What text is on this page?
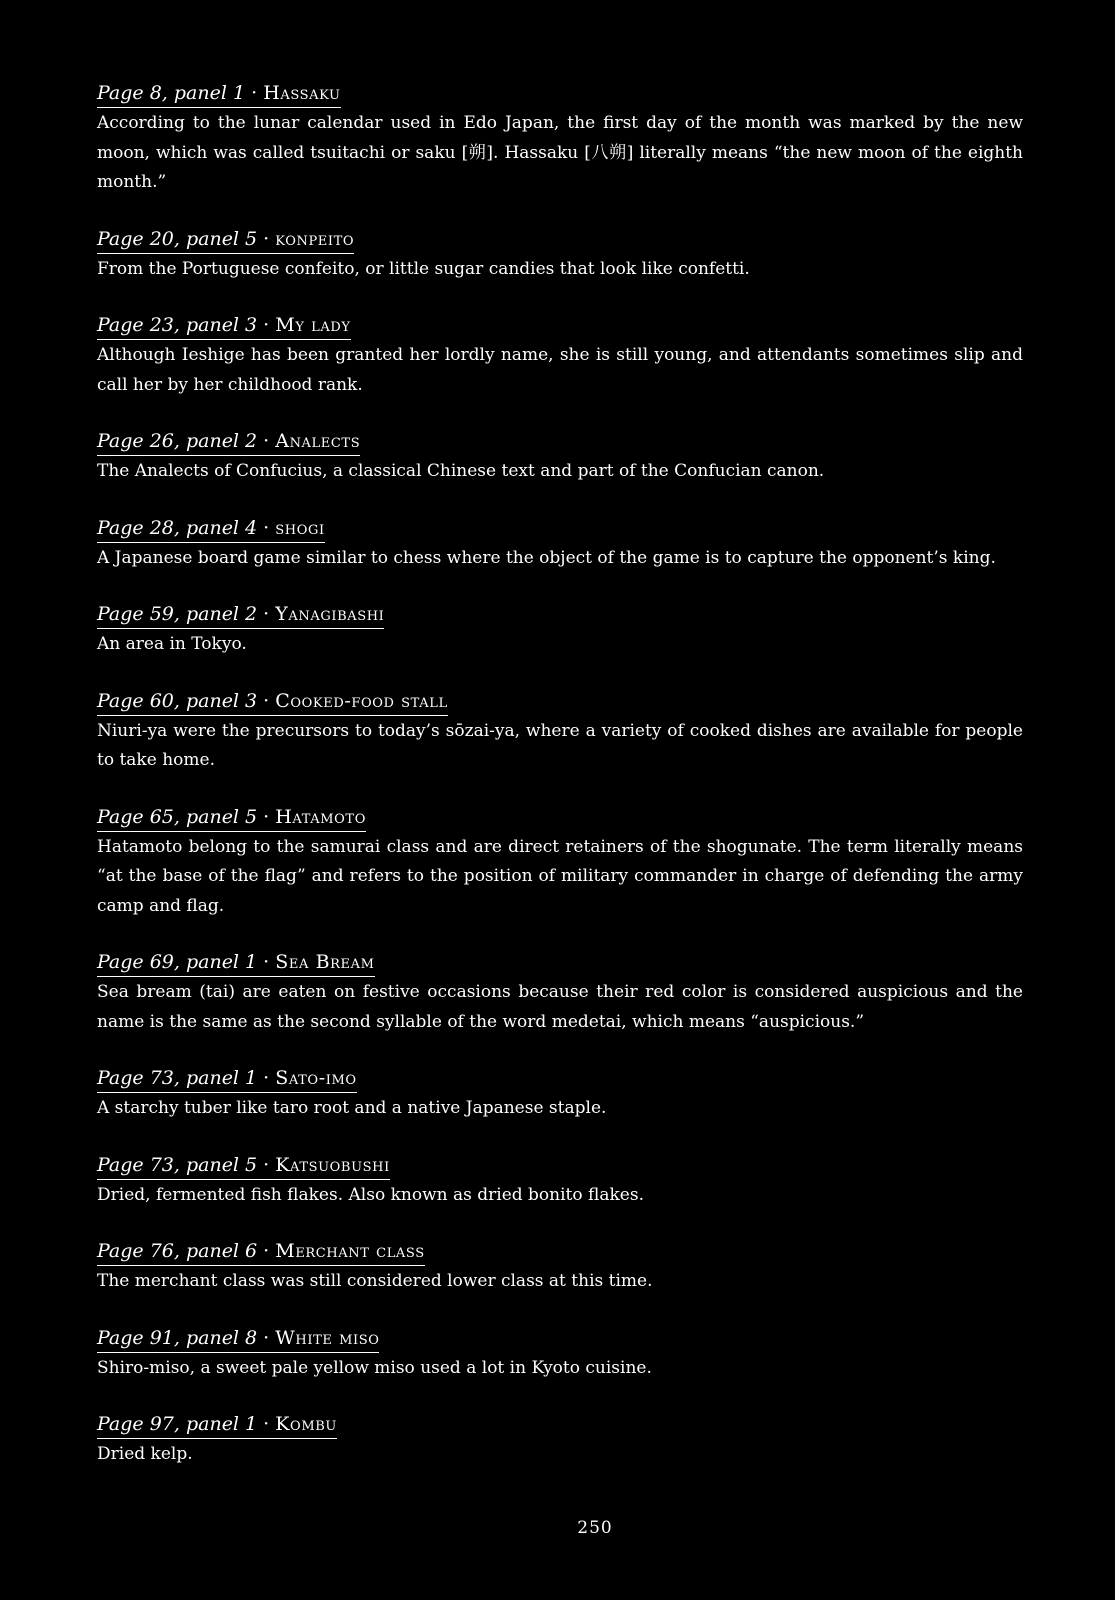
Page 8, panel 1 · Hassaku
According to the lunar calendar used in Edo Japan, the first day of the month was marked by the new moon, which was called tsuitachi or saku [朔]. Hassaku [八朔] literally means “the new moon of the eighth month.”
Page 20, panel 5 · konpeito
From the Portuguese confeito, or little sugar candies that look like confetti.
Page 23, panel 3 · My lady
Although Ieshige has been granted her lordly name, she is still young, and attendants sometimes slip and call her by her childhood rank.
Page 26, panel 2 · Analects
The Analects of Confucius, a classical Chinese text and part of the Confucian canon.
Page 28, panel 4 · shogi
A Japanese board game similar to chess where the object of the game is to capture the opponent’s king.
Page 59, panel 2 · Yanagibashi
An area in Tokyo.
Page 60, panel 3 · Cooked-food stall
Niuri-ya were the precursors to today’s sōzai-ya, where a variety of cooked dishes are available for people to take home.
Page 65, panel 5 · Hatamoto
Hatamoto belong to the samurai class and are direct retainers of the shogunate. The term literally means “at the base of the flag” and refers to the position of military commander in charge of defending the army camp and flag.
Page 69, panel 1 · Sea Bream
Sea bream (tai) are eaten on festive occasions because their red color is considered auspicious and the name is the same as the second syllable of the word medetai, which means “auspicious.”
Page 73, panel 1 · Sato-imo
A starchy tuber like taro root and a native Japanese staple.
Page 73, panel 5 · Katsuobushi
Dried, fermented fish flakes. Also known as dried bonito flakes.
Page 76, panel 6 · Merchant class
The merchant class was still considered lower class at this time.
Page 91, panel 8 · White miso
Shiro-miso, a sweet pale yellow miso used a lot in Kyoto cuisine.
Page 97, panel 1 · Kombu
Dried kelp.
250
